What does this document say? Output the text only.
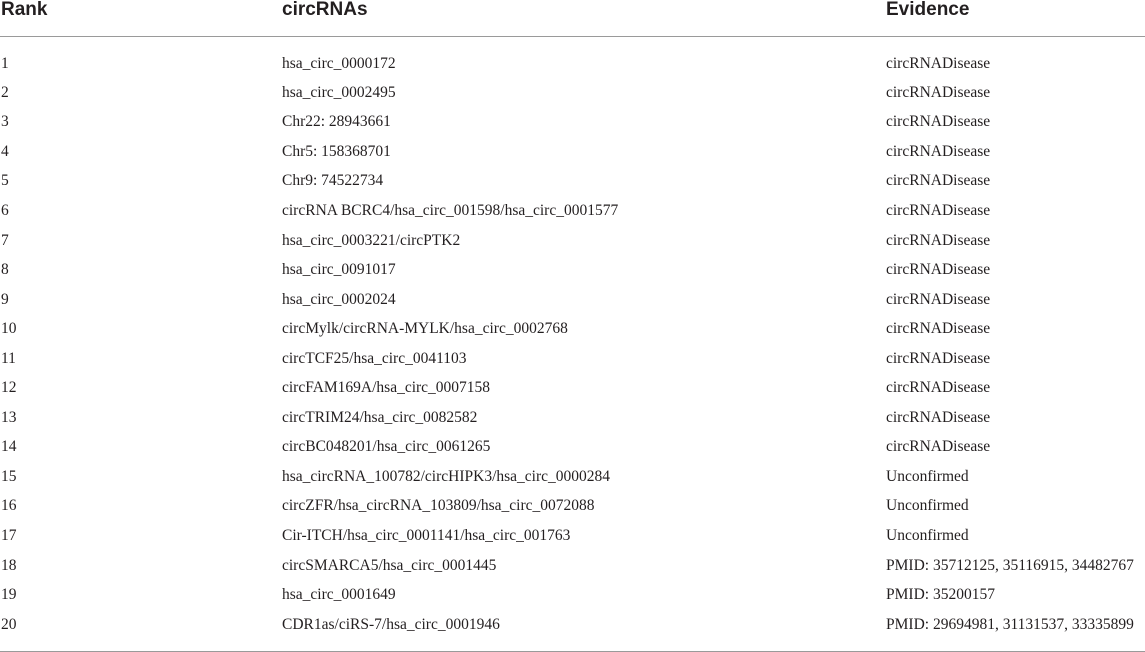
Rank	circRNAs	Evidence
1	hsa_circ_0000172	circRNADisease
2	hsa_circ_0002495	circRNADisease
3	Chr22: 28943661	circRNADisease
4	Chr5: 158368701	circRNADisease
5	Chr9: 74522734	circRNADisease
6	circRNA BCRC4/hsa_circ_001598/hsa_circ_0001577	circRNADisease
7	hsa_circ_0003221/circPTK2	circRNADisease
8	hsa_circ_0091017	circRNADisease
9	hsa_circ_0002024	circRNADisease
10	circMylk/circRNA-MYLK/hsa_circ_0002768	circRNADisease
11	circTCF25/hsa_circ_0041103	circRNADisease
12	circFAM169A/hsa_circ_0007158	circRNADisease
13	circTRIM24/hsa_circ_0082582	circRNADisease
14	circBC048201/hsa_circ_0061265	circRNADisease
15	hsa_circRNA_100782/circHIPK3/hsa_circ_0000284	Unconfirmed
16	circZFR/hsa_circRNA_103809/hsa_circ_0072088	Unconfirmed
17	Cir-ITCH/hsa_circ_0001141/hsa_circ_001763	Unconfirmed
18	circSMARCA5/hsa_circ_0001445	PMID: 35712125, 35116915, 34482767
19	hsa_circ_0001649	PMID: 35200157
20	CDR1as/ciRS-7/hsa_circ_0001946	PMID: 29694981, 31131537, 33335899
